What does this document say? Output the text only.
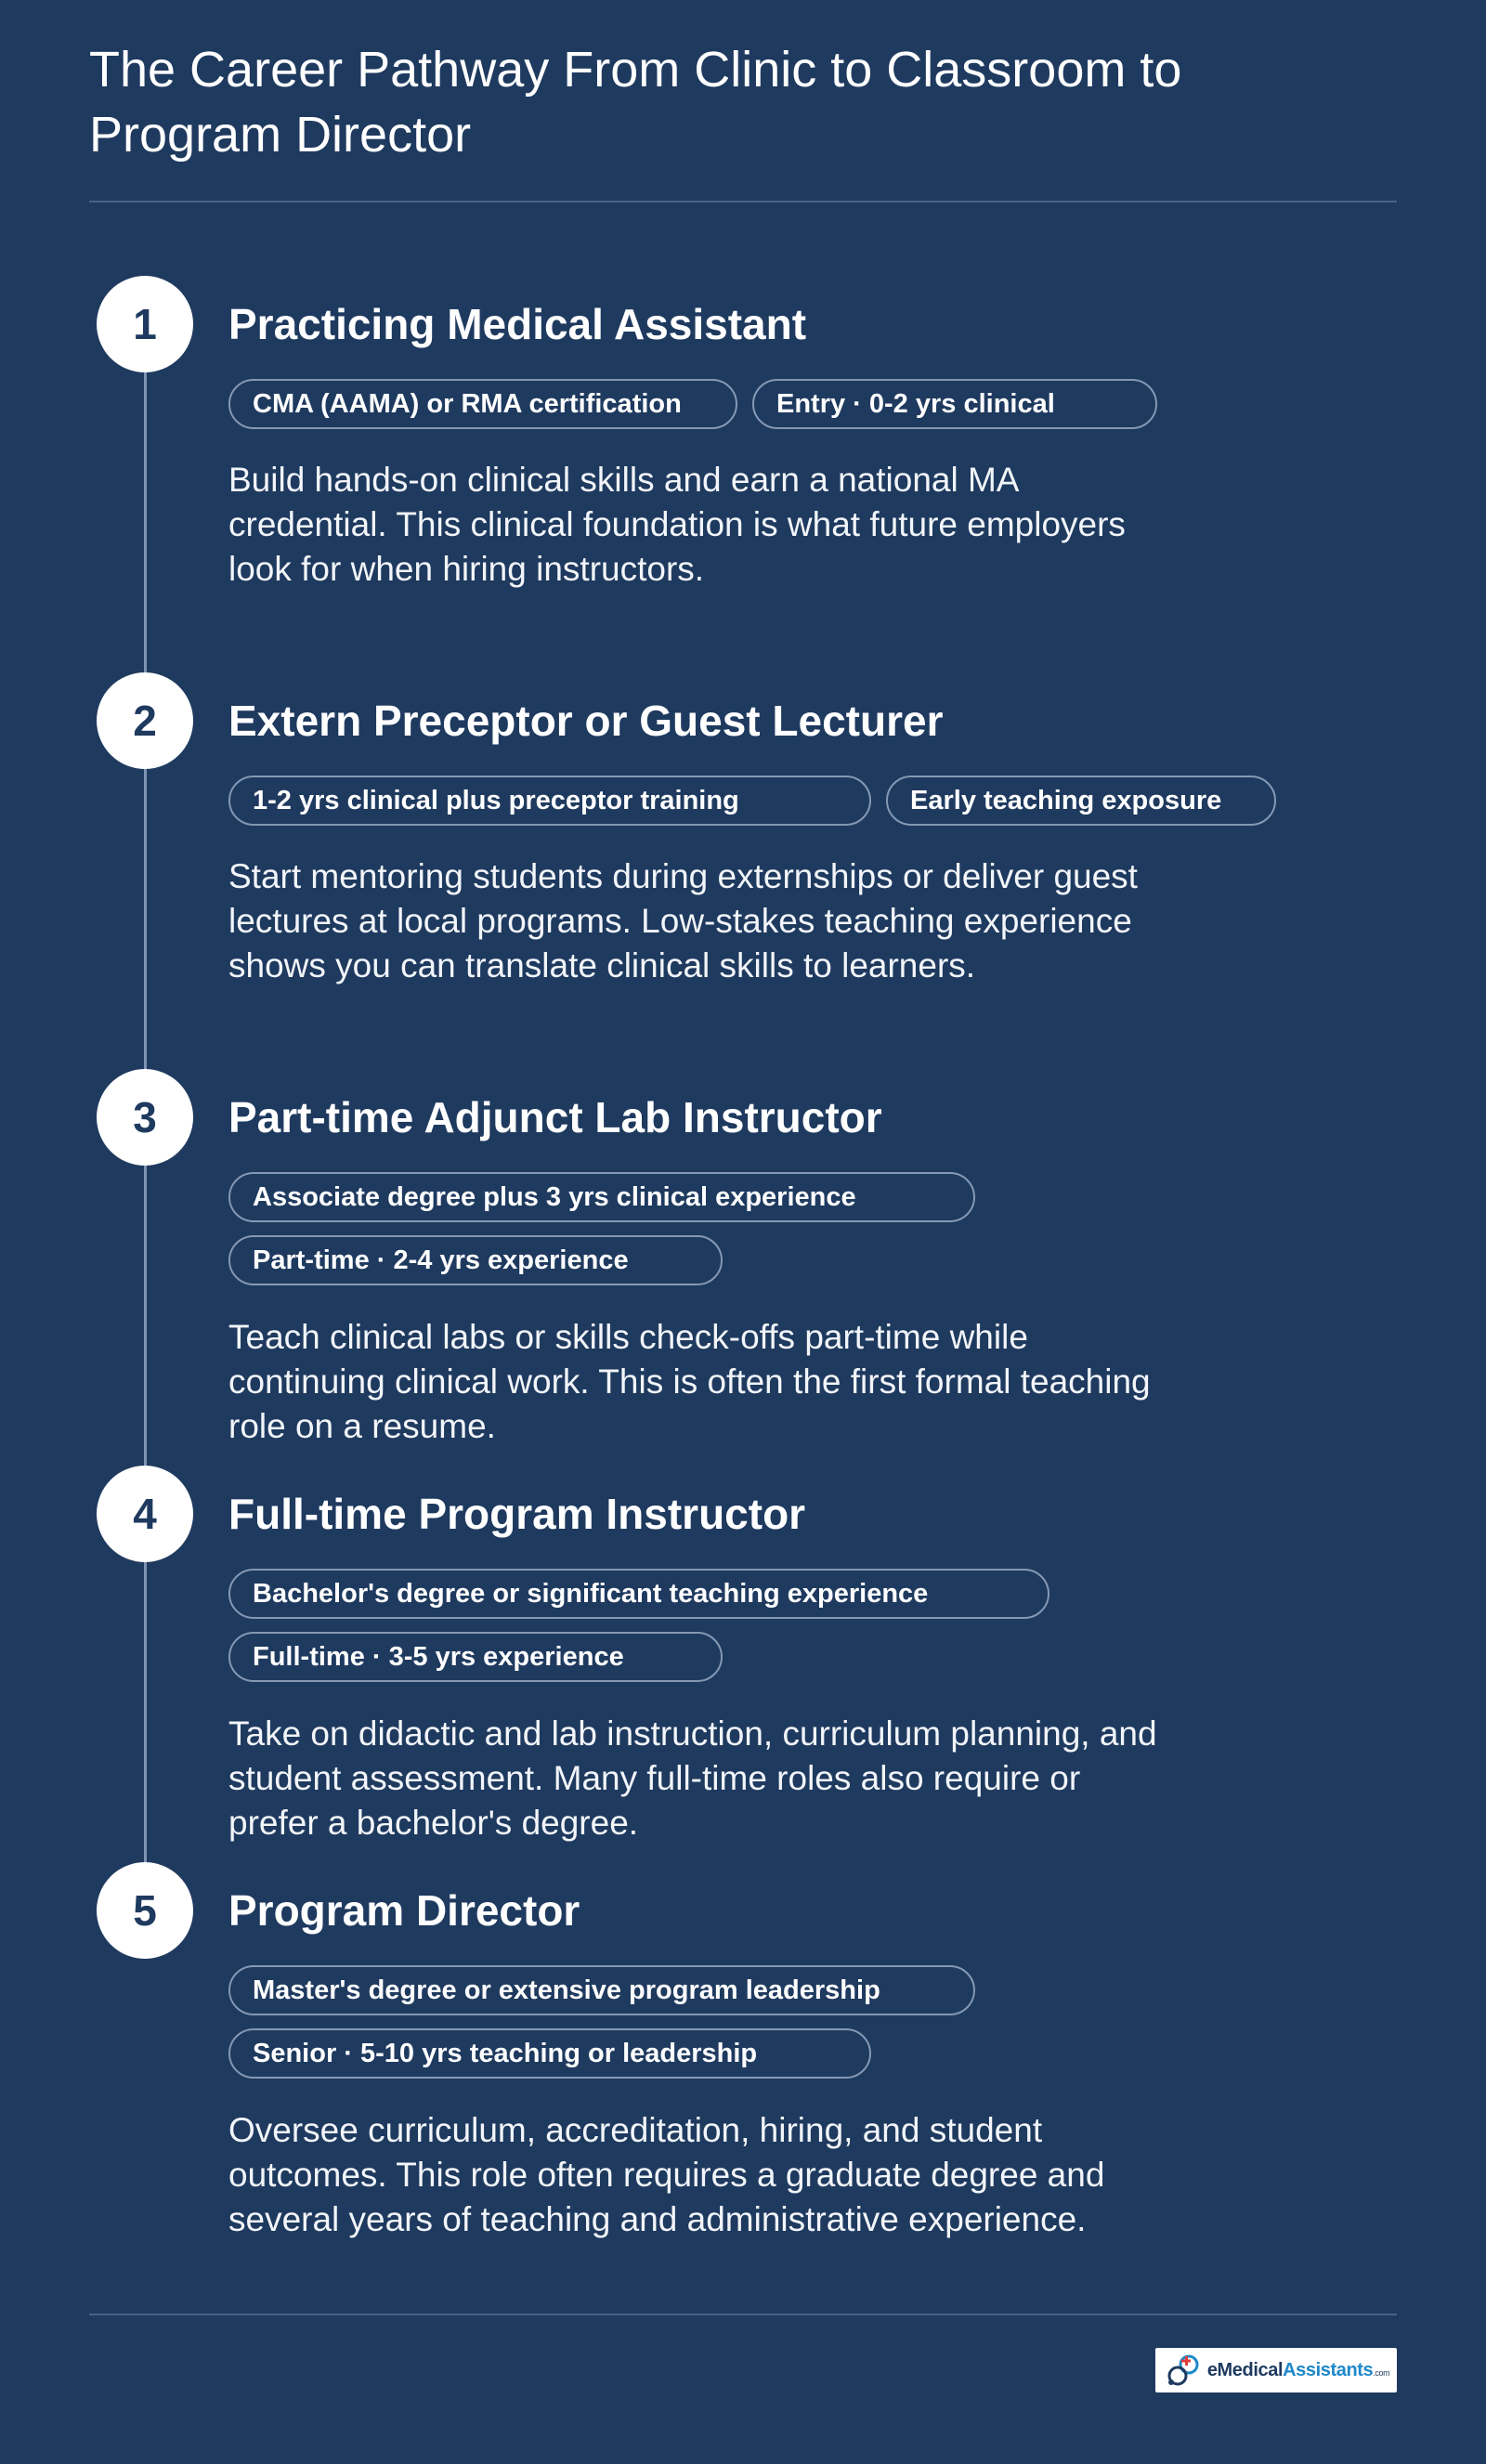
The Career Pathway From Clinic to Classroom to Program Director
1	Practicing Medical Assistant
CMA (AAMA) or RMA certification	Entry · 0-2 yrs clinical

Build hands-on clinical skills and earn a national MA credential. This clinical foundation is what future employers look for when hiring instructors.

2	Extern Preceptor or Guest Lecturer
1-2 yrs clinical plus preceptor training	Early teaching exposure

Start mentoring students during externships or deliver guest lectures at local programs. Low-stakes teaching experience shows you can translate clinical skills to learners.

3	Part-time Adjunct Lab Instructor
Associate degree plus 3 yrs clinical experience
Part-time · 2-4 yrs experience

Teach clinical labs or skills check-offs part-time while continuing clinical work. This is often the first formal teaching role on a resume.

4	Full-time Program Instructor
Bachelor's degree or significant teaching experience
Full-time · 3-5 yrs experience

Take on didactic and lab instruction, curriculum planning, and student assessment. Many full-time roles also require or prefer a bachelor's degree.

5	Program Director
Master's degree or extensive program leadership
Senior · 5-10 yrs teaching or leadership

Oversee curriculum, accreditation, hiring, and student outcomes. This role often requires a graduate degree and several years of teaching and administrative experience.

eMedicalAssistants.com
